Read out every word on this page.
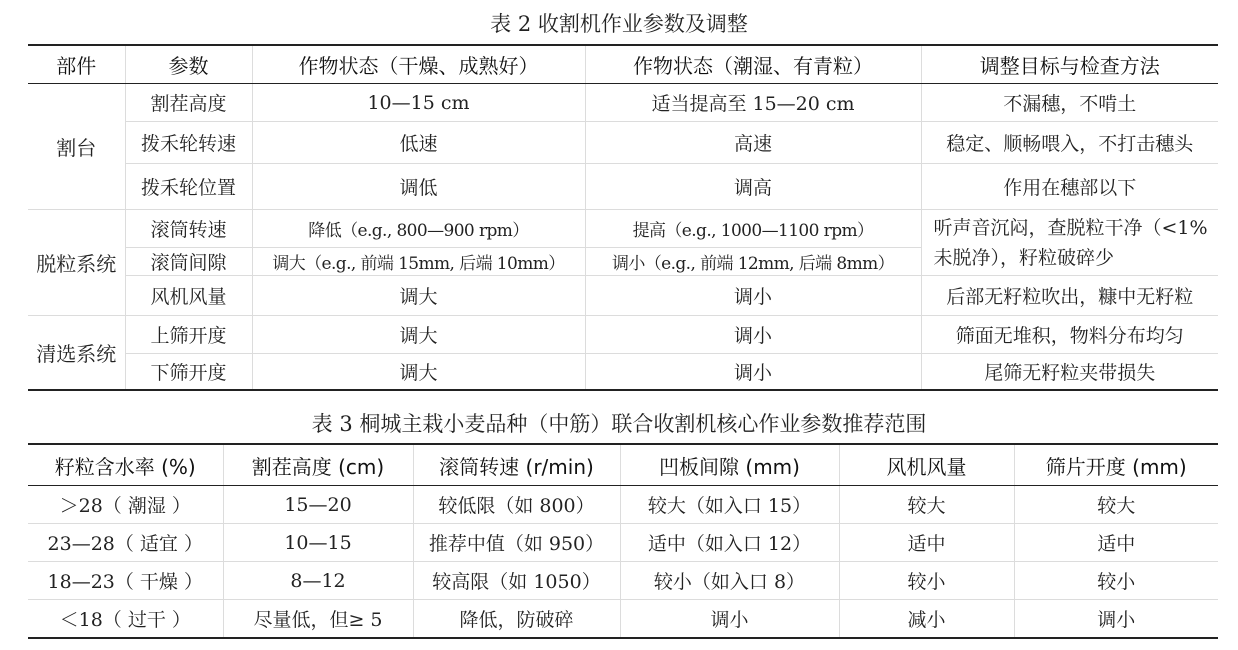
表 2 收割机作业参数及调整
部件	参数	作物状态（干燥、成熟好）	作物状态（潮湿、有青粒）	调整目标与检查方法
割台	割茬高度	10—15 cm	适当提高至 15—20 cm	不漏穗，不啃土
	拨禾轮转速	低速	高速	稳定、顺畅喂入，不打击穗头
	拨禾轮位置	调低	调高	作用在穗部以下
脱粒系统	滚筒转速	降低（e.g., 800—900 rpm）	提高（e.g., 1000—1100 rpm）	听声音沉闷，查脱粒干净（<1% 未脱净），籽粒破碎少
	滚筒间隙	调大（e.g., 前端 15mm, 后端 10mm）	调小（e.g., 前端 12mm, 后端 8mm）	
	风机风量	调大	调小	后部无籽粒吹出，糠中无籽粒
清选系统	上筛开度	调大	调小	筛面无堆积，物料分布均匀
	下筛开度	调大	调小	尾筛无籽粒夹带损失
表 3 桐城主栽小麦品种（中筋）联合收割机核心作业参数推荐范围
籽粒含水率 (%)	割茬高度 (cm)	滚筒转速 (r/min)	凹板间隙 (mm)	风机风量	筛片开度 (mm)
＞28（ 潮湿 ）	15—20	较低限（如 800）	较大（如入口 15）	较大	较大
23—28（ 适宜 ）	10—15	推荐中值（如 950）	适中（如入口 12）	适中	适中
18—23（ 干燥 ）	8—12	较高限（如 1050）	较小（如入口 8）	较小	较小
＜18（ 过干 ）	尽量低，但≥ 5	降低，防破碎	调小	减小	调小
